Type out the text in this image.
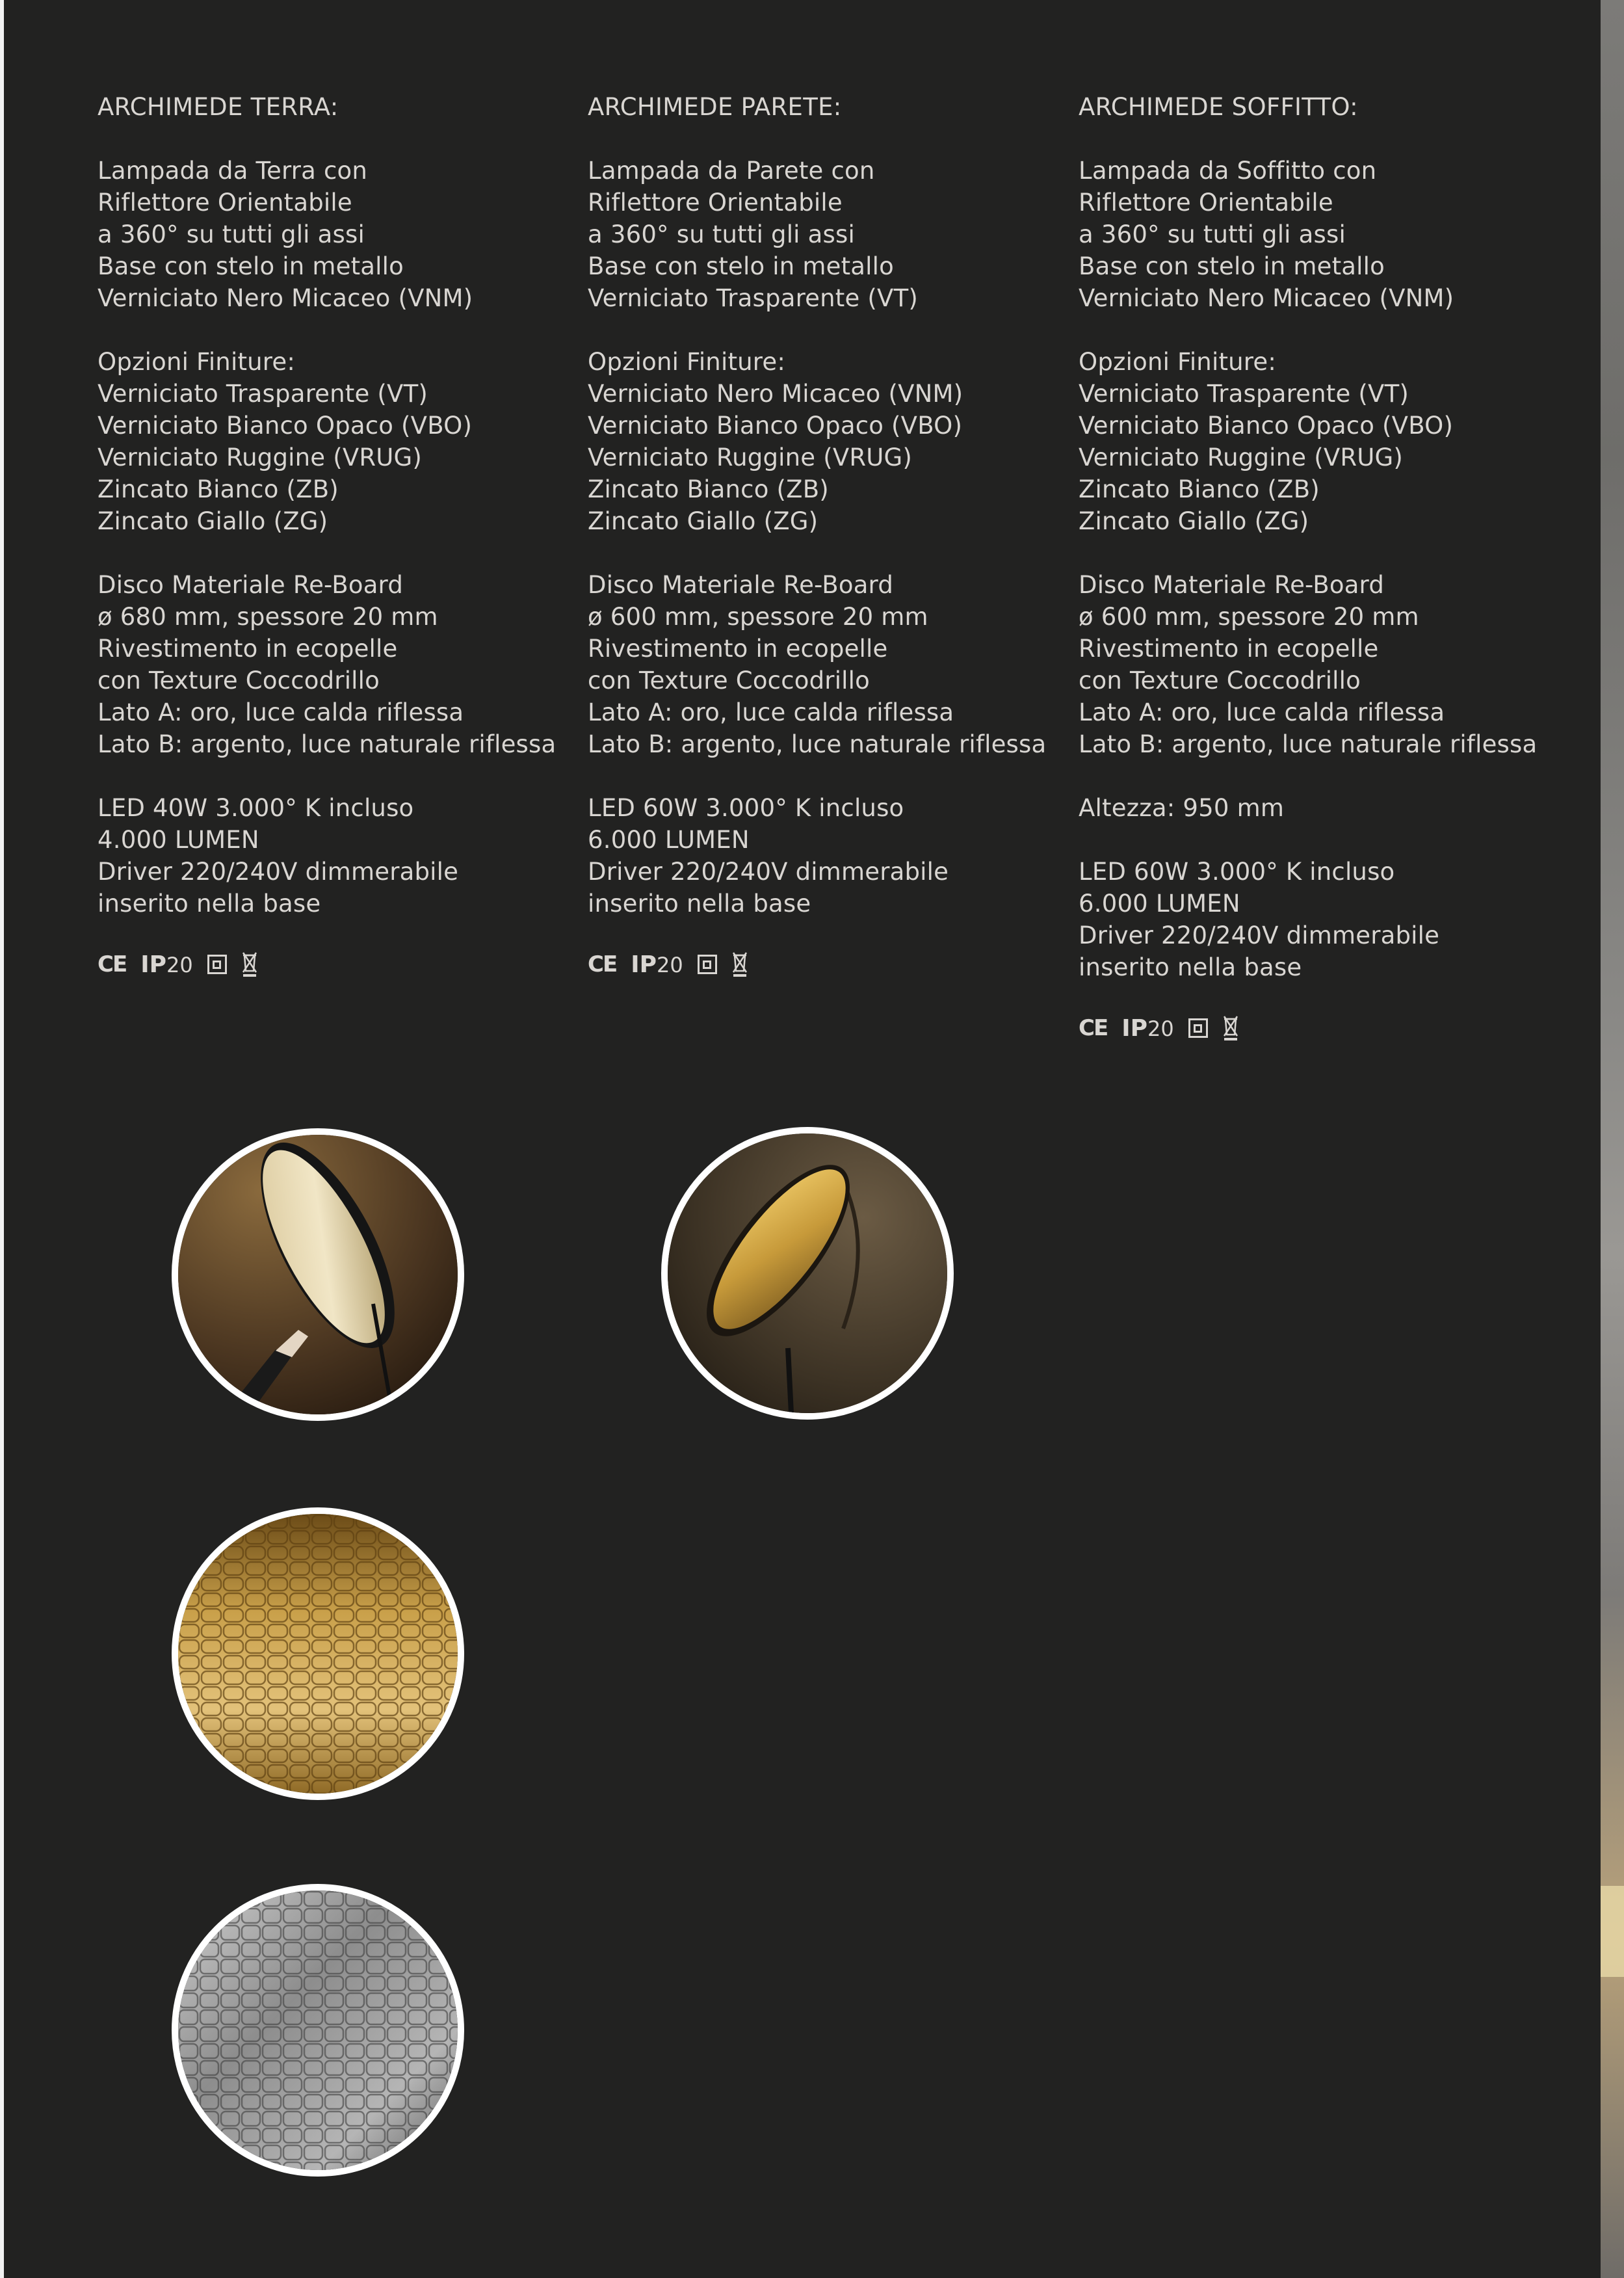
ARCHIMEDE TERRA:
Lampada da Terra con
Riflettore Orientabile
a 360° su tutti gli assi
Base con stelo in metallo
Verniciato Nero Micaceo (VNM)
Opzioni Finiture:
Verniciato Trasparente (VT)
Verniciato Bianco Opaco (VBO)
Verniciato Ruggine (VRUG)
Zincato Bianco (ZB)
Zincato Giallo (ZG)
Disco Materiale Re-Board
ø 680 mm, spessore 20 mm
Rivestimento in ecopelle
con Texture Coccodrillo
Lato A: oro, luce calda riflessa
Lato B: argento, luce naturale riflessa
LED 40W 3.000° K incluso
4.000 LUMEN
Driver 220/240V dimmerabile
inserito nella base
CE IP20
ARCHIMEDE PARETE:
Lampada da Parete con
Riflettore Orientabile
a 360° su tutti gli assi
Base con stelo in metallo
Verniciato Trasparente (VT)
Opzioni Finiture:
Verniciato Nero Micaceo (VNM)
Verniciato Bianco Opaco (VBO)
Verniciato Ruggine (VRUG)
Zincato Bianco (ZB)
Zincato Giallo (ZG)
Disco Materiale Re-Board
ø 600 mm, spessore 20 mm
Rivestimento in ecopelle
con Texture Coccodrillo
Lato A: oro, luce calda riflessa
Lato B: argento, luce naturale riflessa
LED 60W 3.000° K incluso
6.000 LUMEN
Driver 220/240V dimmerabile
inserito nella base
CE IP20
ARCHIMEDE SOFFITTO:
Lampada da Soffitto con
Riflettore Orientabile
a 360° su tutti gli assi
Base con stelo in metallo
Verniciato Nero Micaceo (VNM)
Opzioni Finiture:
Verniciato Trasparente (VT)
Verniciato Bianco Opaco (VBO)
Verniciato Ruggine (VRUG)
Zincato Bianco (ZB)
Zincato Giallo (ZG)
Disco Materiale Re-Board
ø 600 mm, spessore 20 mm
Rivestimento in ecopelle
con Texture Coccodrillo
Lato A: oro, luce calda riflessa
Lato B: argento, luce naturale riflessa
Altezza: 950 mm
LED 60W 3.000° K incluso
6.000 LUMEN
Driver 220/240V dimmerabile
inserito nella base
CE IP20
